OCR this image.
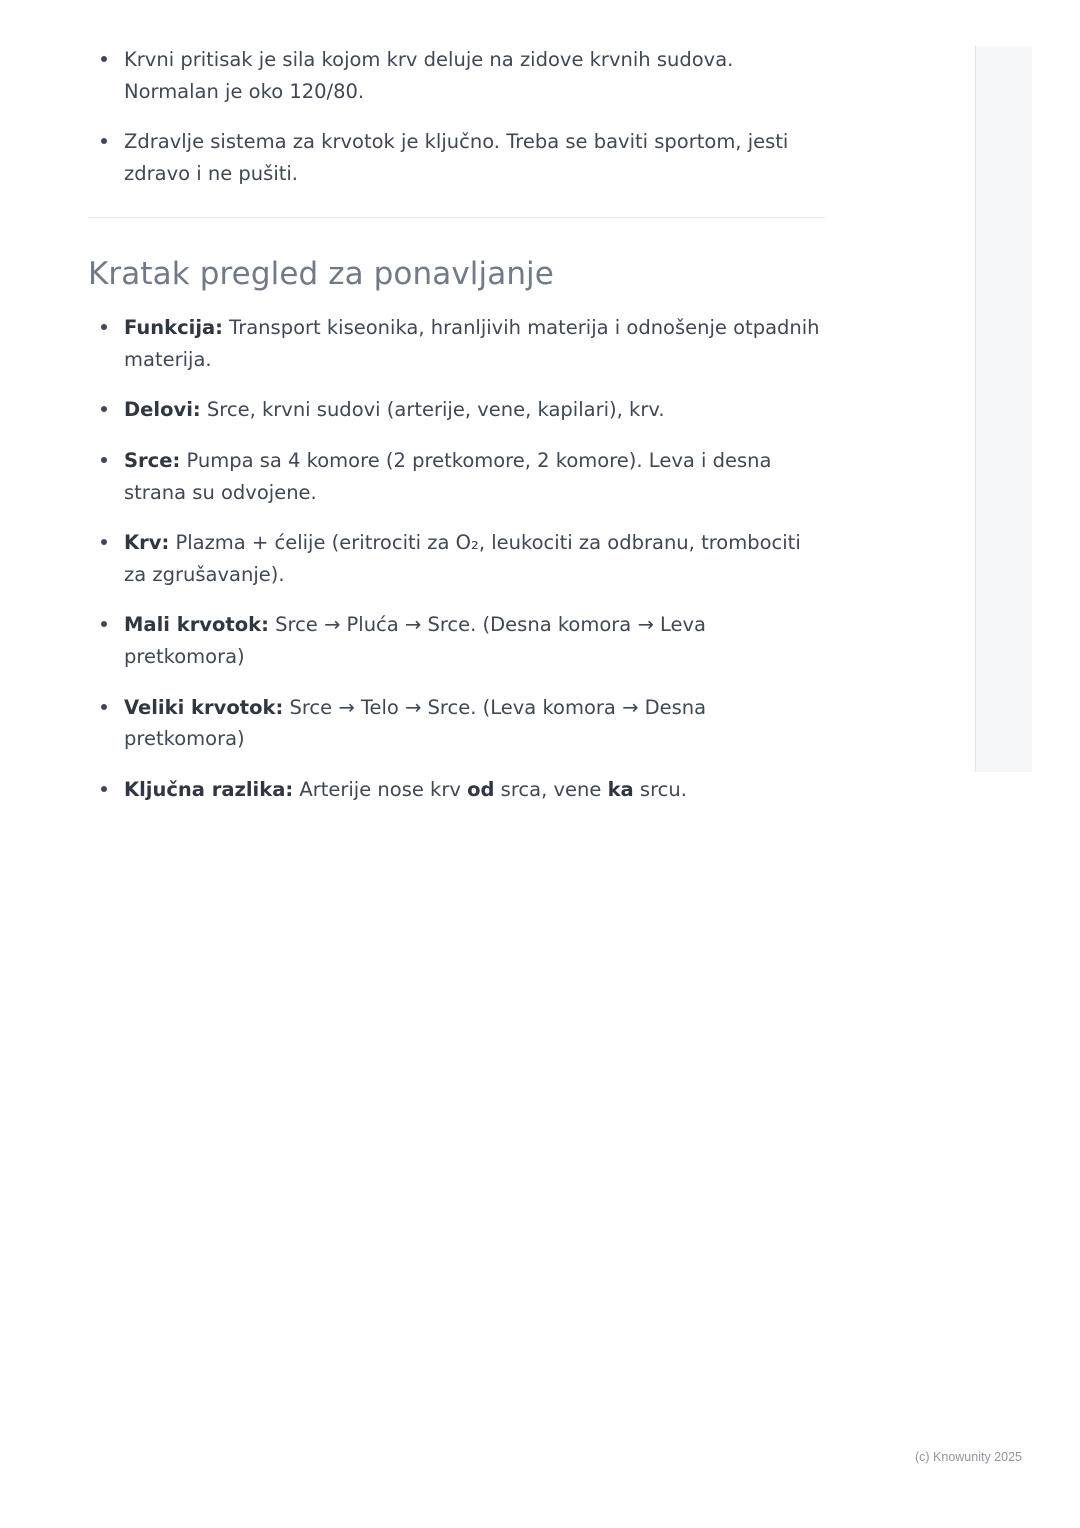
Krvni pritisak je sila kojom krv deluje na zidove krvnih sudova. Normalan je oko 120/80.
Zdravlje sistema za krvotok je ključno. Treba se baviti sportom, jesti zdravo i ne pušiti.
Kratak pregled za ponavljanje
Funkcija: Transport kiseonika, hranljivih materija i odnošenje otpadnih materija.
Delovi: Srce, krvni sudovi (arterije, vene, kapilari), krv.
Srce: Pumpa sa 4 komore (2 pretkomore, 2 komore). Leva i desna strana su odvojene.
Krv: Plazma + ćelije (eritrociti za O₂, leukociti za odbranu, trombociti za zgrušavanje).
Mali krvotok: Srce → Pluća → Srce. (Desna komora → Leva pretkomora)
Veliki krvotok: Srce → Telo → Srce. (Leva komora → Desna pretkomora)
Ključna razlika: Arterije nose krv od srca, vene ka srcu.
(c) Knowunity 2025
